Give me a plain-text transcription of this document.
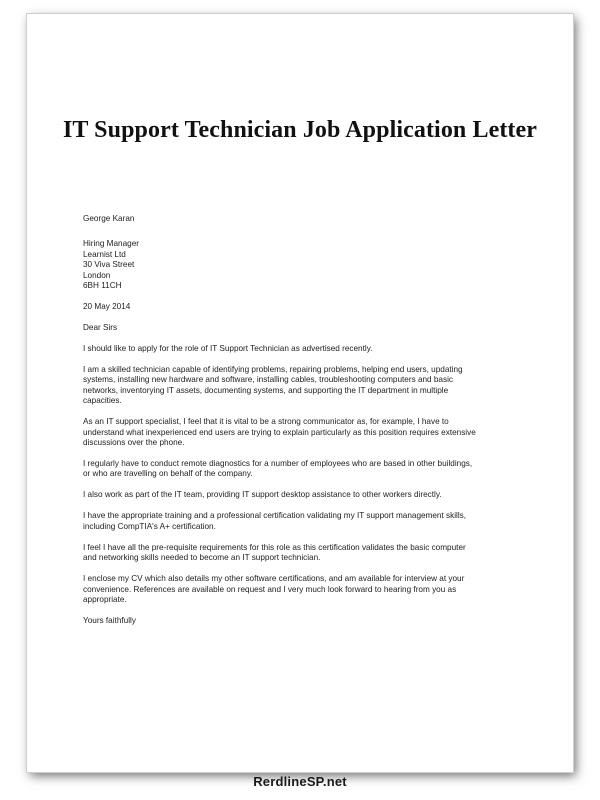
IT Support Technician Job Application Letter

George Karan

Hiring Manager
Learnist Ltd
30 Viva Street
London
6BH 11CH

20 May 2014

Dear Sirs

I should like to apply for the role of IT Support Technician as advertised recently.

I am a skilled technician capable of identifying problems, repairing problems, helping end users, updating
systems, installing new hardware and software, installing cables, troubleshooting computers and basic
networks, inventorying IT assets, documenting systems, and supporting the IT department in multiple
capacities.

As an IT support specialist, I feel that it is vital to be a strong communicator as, for example, I have to
understand what inexperienced end users are trying to explain particularly as this position requires extensive
discussions over the phone.

I regularly have to conduct remote diagnostics for a number of employees who are based in other buildings,
or who are travelling on behalf of the company.

I also work as part of the IT team, providing IT support desktop assistance to other workers directly.

I have the appropriate training and a professional certification validating my IT support management skills,
including CompTIA's A+ certification.

I feel I have all the pre-requisite requirements for this role as this certification validates the basic computer
and networking skills needed to become an IT support technician.

I enclose my CV which also details my other software certifications, and am available for interview at your
convenience. References are available on request and I very much look forward to hearing from you as
appropriate.

Yours faithfully

RerdlineSP.net
